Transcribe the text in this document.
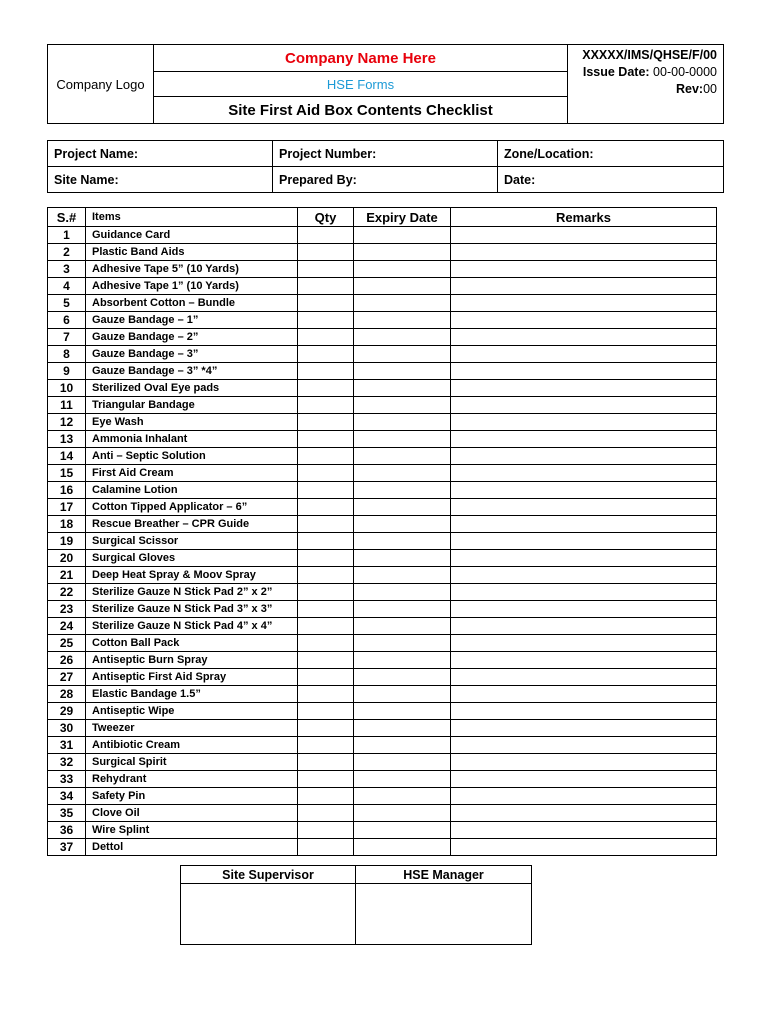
Company Logo	Company Name Here	XXXXX/IMS/QHSE/F/00
Issue Date: 00-00-0000
Rev:00

HSE Forms
Site First Aid Box Contents Checklist
Project Name:	Project Number:	Zone/Location:
Site Name:	Prepared By:	Date:
S.#	Items	Qty	Expiry Date	Remarks
1	Guidance Card			
2	Plastic Band Aids			
3	Adhesive Tape 5” (10 Yards)			
4	Adhesive Tape 1” (10 Yards)			
5	Absorbent Cotton – Bundle			
6	Gauze Bandage – 1”			
7	Gauze Bandage – 2”			
8	Gauze Bandage – 3”			
9	Gauze Bandage – 3” *4”			
10	Sterilized Oval Eye pads			
11	Triangular Bandage			
12	Eye Wash			
13	Ammonia Inhalant			
14	Anti – Septic Solution			
15	First Aid Cream			
16	Calamine Lotion			
17	Cotton Tipped Applicator – 6”			
18	Rescue Breather – CPR Guide			
19	Surgical Scissor			
20	Surgical Gloves			
21	Deep Heat Spray & Moov Spray			
22	Sterilize Gauze N Stick Pad 2” x 2”			
23	Sterilize Gauze N Stick Pad 3” x 3”			
24	Sterilize Gauze N Stick Pad 4” x 4”			
25	Cotton Ball Pack			
26	Antiseptic Burn Spray			
27	Antiseptic First Aid Spray			
28	Elastic Bandage 1.5”			
29	Antiseptic Wipe			
30	Tweezer			
31	Antibiotic Cream			
32	Surgical Spirit			
33	Rehydrant			
34	Safety Pin			
35	Clove Oil			
36	Wire Splint			
37	Dettol			
Site Supervisor	HSE Manager
